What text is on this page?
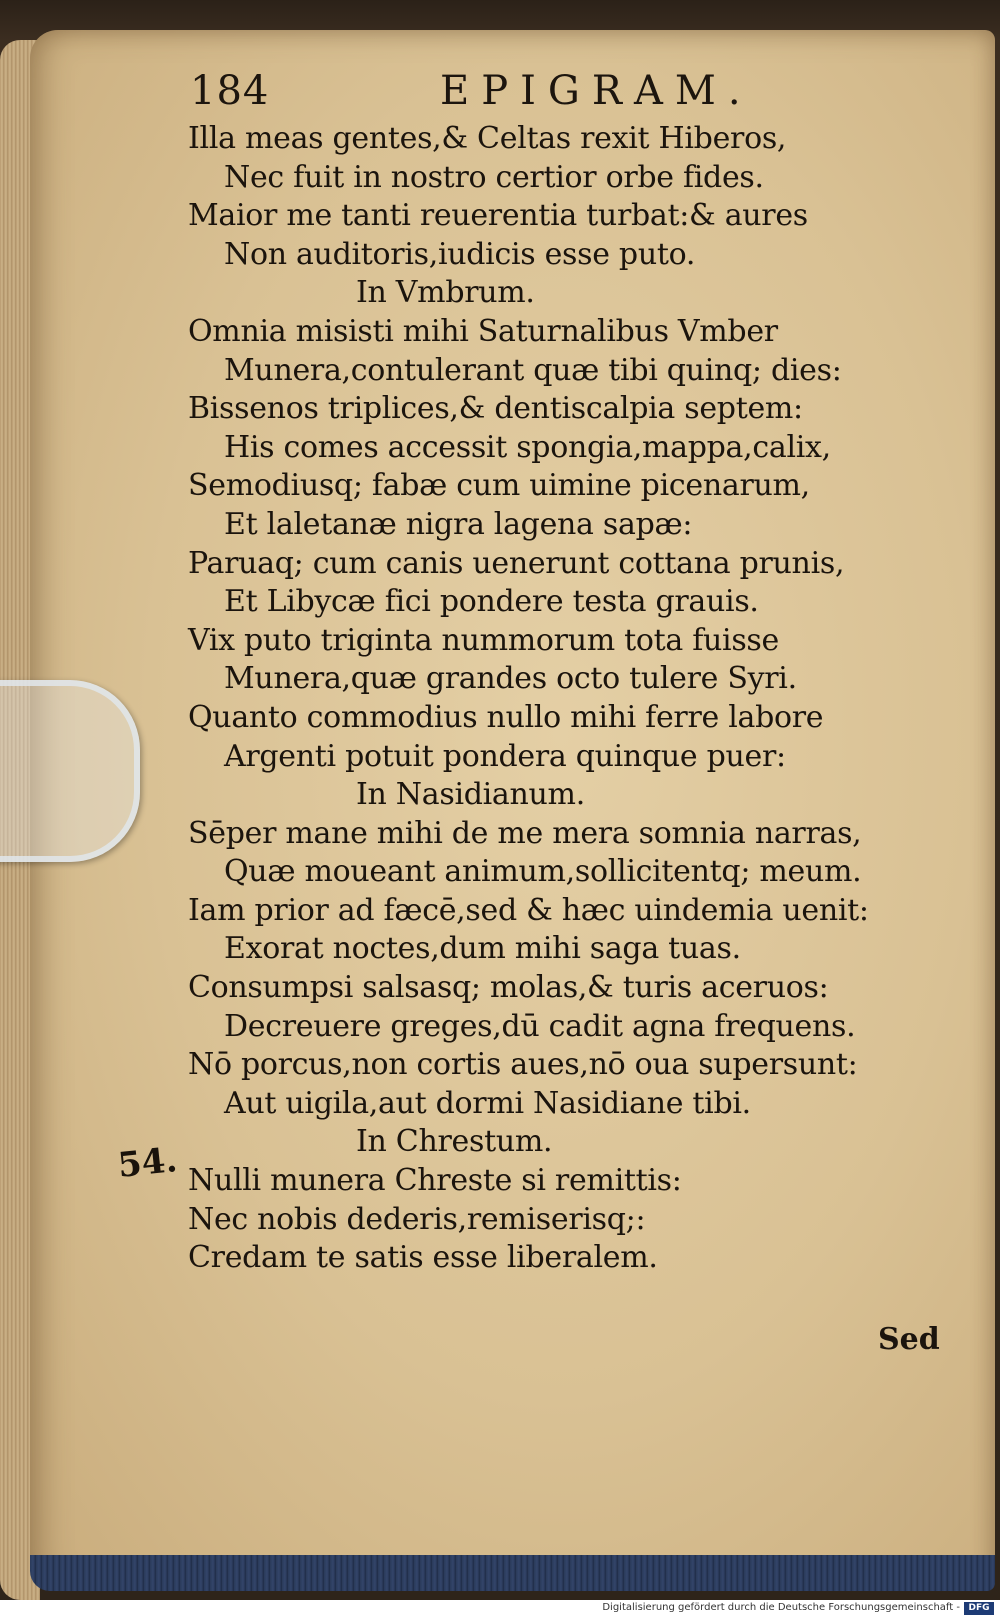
184	EPIGRAM.
Illa meas gentes,& Celtas rexit Hiberos,
Nec fuit in nostro certior orbe fides.
Maior me tanti reuerentia turbat:& aures
Non auditoris,iudicis esse puto.
In Vmbrum.
Omnia misisti mihi Saturnalibus Vmber
Munera,contulerant quæ tibi quinq; dies:
Bissenos triplices,& dentiscalpia septem:
His comes accessit spongia,mappa,calix,
Semodiusq; fabæ cum uimine picenarum,
Et laletanæ nigra lagena sapæ:
Paruaq; cum canis uenerunt cottana prunis,
Et Libycæ fici pondere testa grauis.
Vix puto triginta nummorum tota fuisse
Munera,quæ grandes octo tulere Syri.
Quanto commodius nullo mihi ferre labore
Argenti potuit pondera quinque puer:
In Nasidianum.
Sēper mane mihi de me mera somnia narras,
Quæ moueant animum,sollicitentq; meum.
Iam prior ad fæcē,sed & hæc uindemia uenit:
Exorat noctes,dum mihi saga tuas.
Consumpsi salsasq; molas,& turis aceruos:
Decreuere greges,dū cadit agna frequens.
Nō porcus,non cortis aues,nō oua supersunt:
Aut uigila,aut dormi Nasidiane tibi.
In Chrestum.
Nulli munera Chreste si remittis:
Nec nobis dederis,remiserisq;:
Credam te satis esse liberalem.
54.
Sed
Digitalisierung gefördert durch die Deutsche Forschungsgemeinschaft - DFG
